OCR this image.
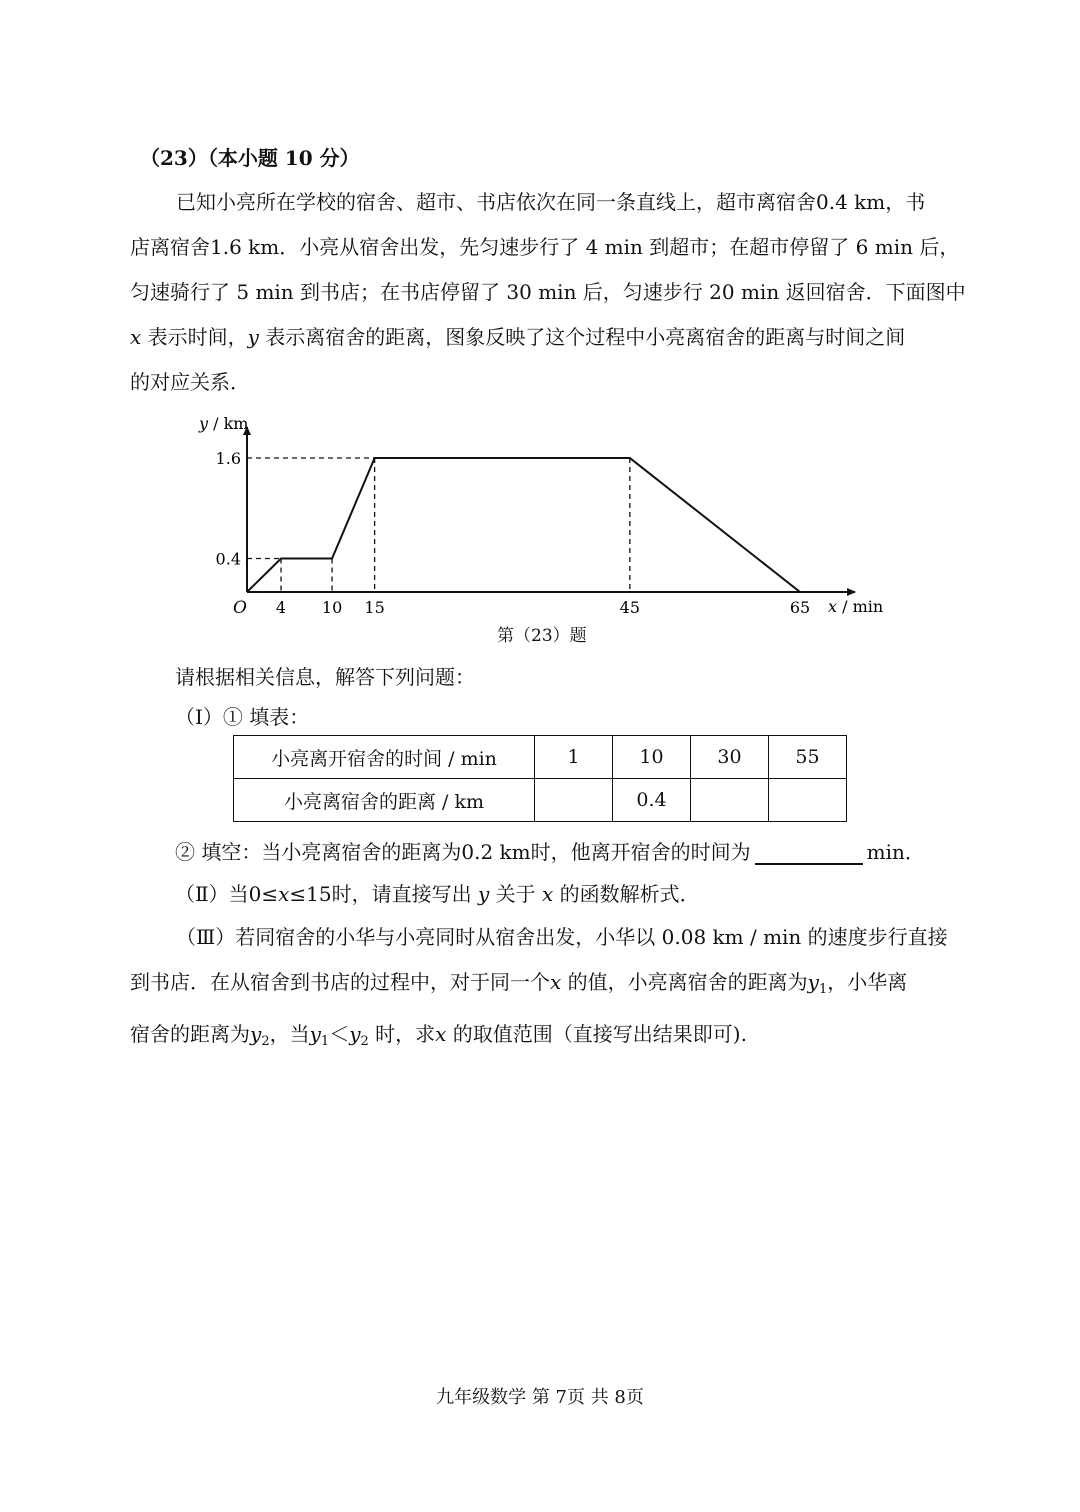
（23）（本小题 10 分）
已知小亮所在学校的宿舍、超市、书店依次在同一条直线上，超市离宿舍0.4 km，书
店离宿舍1.6 km．小亮从宿舍出发，先匀速步行了 4 min 到超市；在超市停留了 6 min 后，
匀速骑行了 5 min 到书店；在书店停留了 30 min 后，匀速步行 20 min 返回宿舍．下面图中
x 表示时间，y 表示离宿舍的距离，图象反映了这个过程中小亮离宿舍的距离与时间之间
的对应关系．
4 10 15	45	65
0.4
1.6
O
y / km
x / min
第（23）题
请根据相关信息，解答下列问题：
（Ⅰ）① 填表：
小亮离开宿舍的时间 / min	1	10	30	55
小亮离宿舍的距离 / km		0.4		
② 填空：当小亮离宿舍的距离为0.2 km时，他离开宿舍的时间为	min．
（Ⅱ）当0≤x≤15时，请直接写出 y 关于 x 的函数解析式．
（Ⅲ）若同宿舍的小华与小亮同时从宿舍出发，小华以 0.08 km / min 的速度步行直接
到书店．在从宿舍到书店的过程中，对于同一个x 的值，小亮离宿舍的距离为$y_1$，小华离
宿舍的距离为$y_2$，当$y_1<y_2$ 时，求x 的取值范围（直接写出结果即可).
九年级数学 第 7页 共 8页
